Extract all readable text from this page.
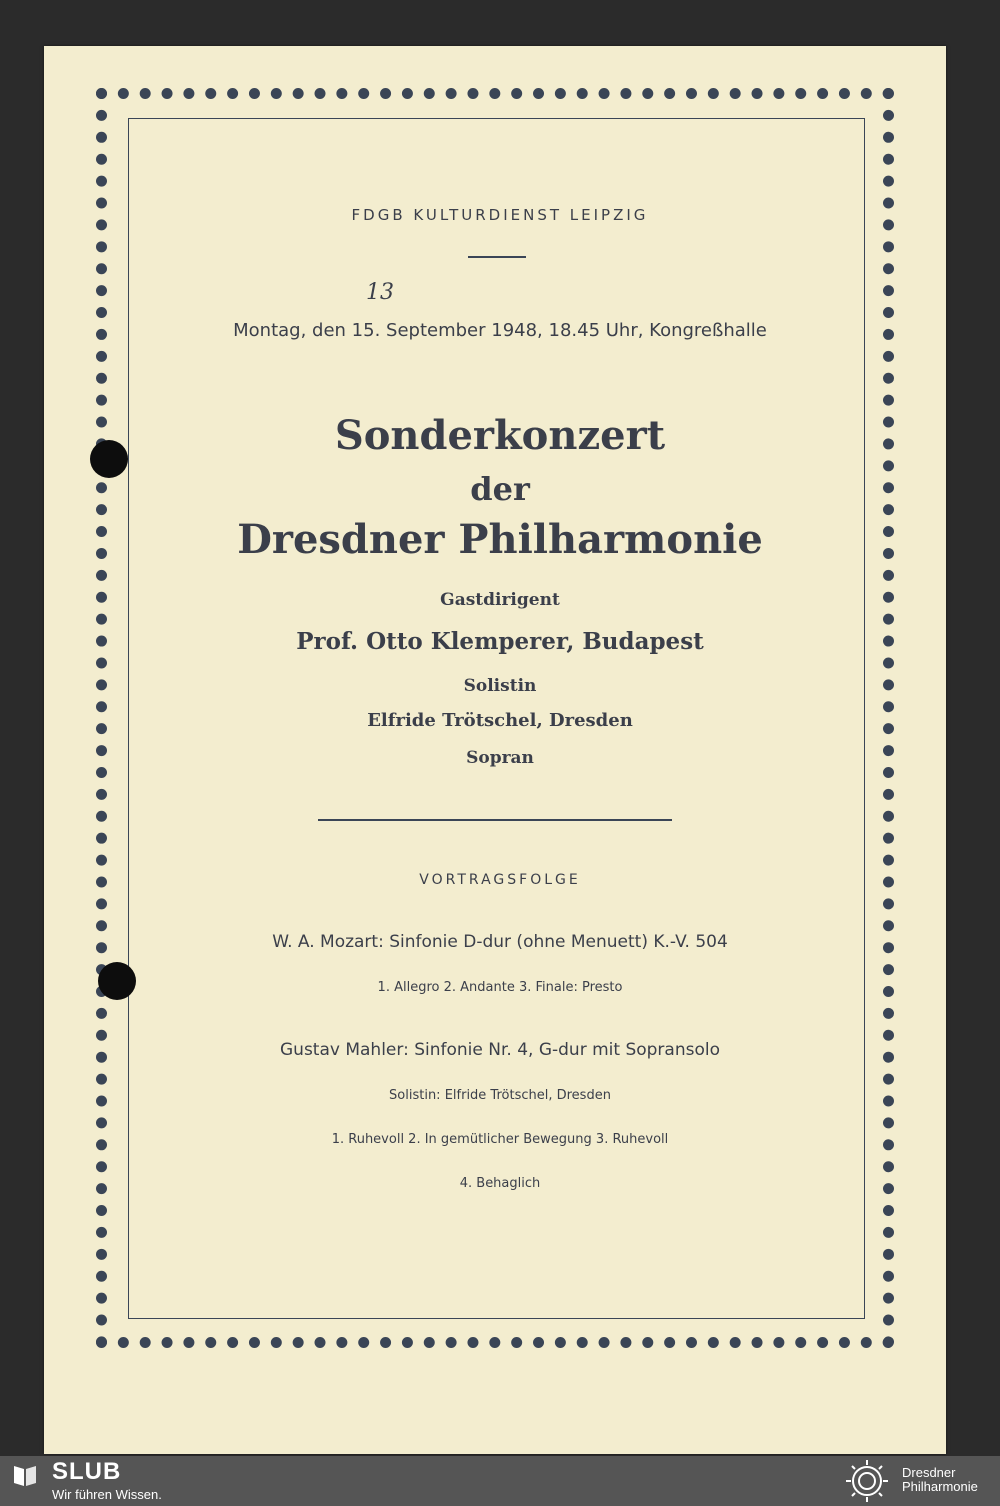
FDGB KULTURDIENST LEIPZIG
13
Montag, den 15. September 1948, 18.45 Uhr, Kongreßhalle
Sonderkonzert
der
Dresdner Philharmonie
Gastdirigent
Prof. Otto Klemperer, Budapest
Solistin
Elfride Trötschel, Dresden
Sopran
VORTRAGSFOLGE
W. A. Mozart: Sinfonie D-dur (ohne Menuett) K.-V. 504
1. Allegro 2. Andante 3. Finale: Presto
Gustav Mahler: Sinfonie Nr. 4, G-dur mit Sopransolo
Solistin: Elfride Trötschel, Dresden
1. Ruhevoll 2. In gemütlicher Bewegung 3. Ruhevoll
4. Behaglich
SLUB
Wir führen Wissen.
Dresdner
Philharmonie
